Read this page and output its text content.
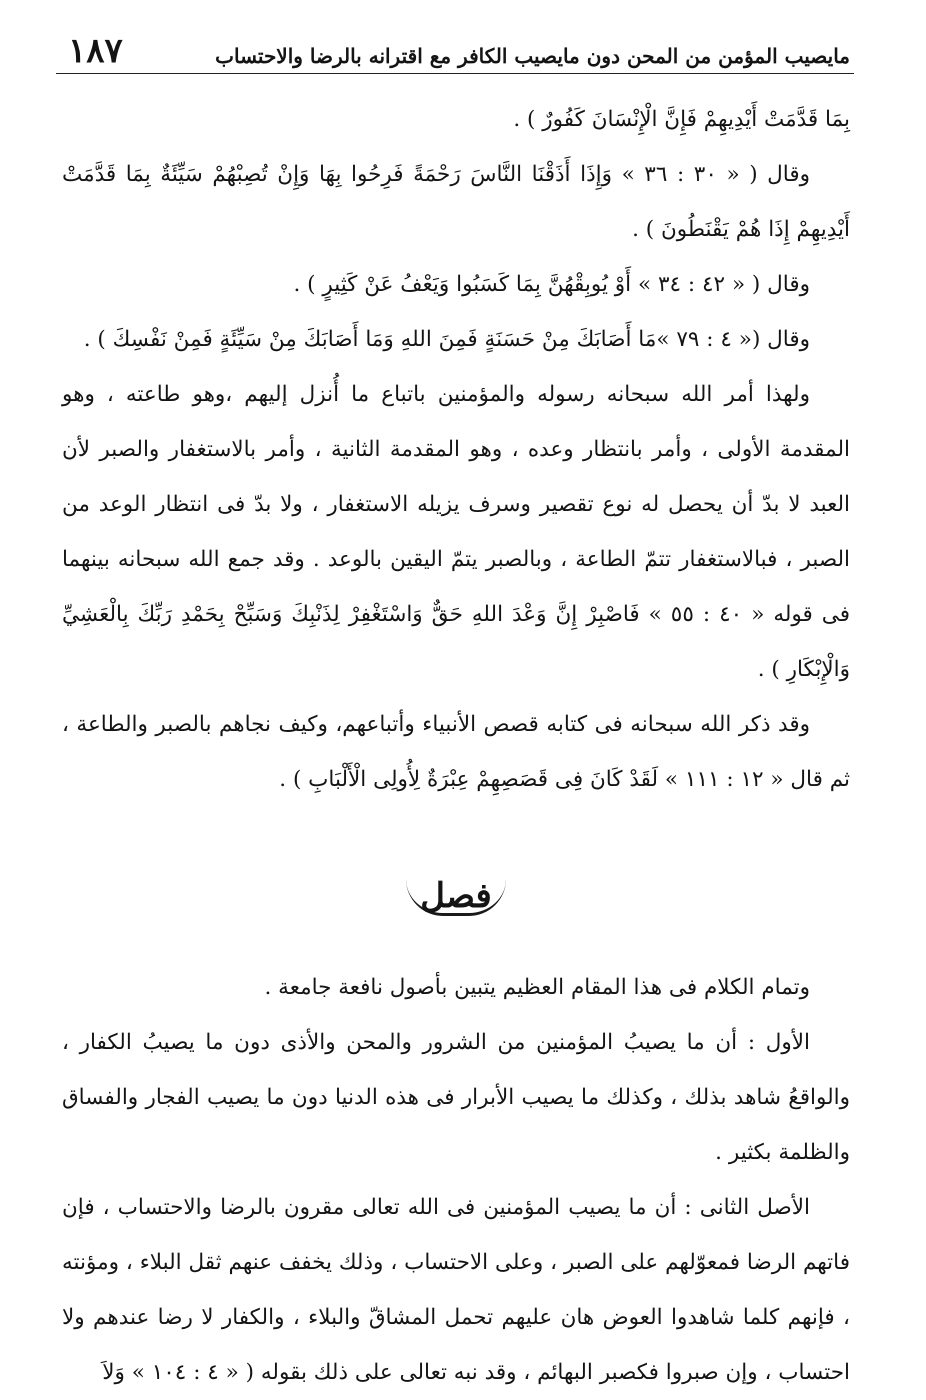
مايصيب المؤمن من المحن دون مايصيب الكافر مع اقترانه بالرضا والاحتساب
١٨٧

بِمَا قَدَّمَتْ أَيْدِيهِمْ فَإِنَّ الْإِنْسَانَ كَفُورٌ ) .

وقال ( « ٣٠ : ٣٦ » وَإِذَا أَذَقْنَا النَّاسَ رَحْمَةً فَرِحُوا بِهَا وَإِنْ تُصِبْهُمْ سَيِّئَةٌ بِمَا قَدَّمَتْ أَيْدِيهِمْ إِذَا هُمْ يَقْنَطُونَ ) .

وقال ( « ٤٢ : ٣٤ » أَوْ يُوبِقْهُنَّ بِمَا كَسَبُوا وَيَعْفُ عَنْ كَثِيرٍ ) .

وقال (« ٤ : ٧٩ »مَا أَصَابَكَ مِنْ حَسَنَةٍ فَمِنَ اللهِ وَمَا أَصَابَكَ مِنْ سَيِّئَةٍ فَمِنْ نَفْسِكَ ) .

ولهذا أمر الله سبحانه رسوله والمؤمنين باتباع ما أُنزل إليهم ،وهو طاعته ، وهو المقدمة الأولى ، وأمر بانتظار وعده ، وهو المقدمة الثانية ، وأمر بالاستغفار والصبر لأن العبد لا بدّ أن يحصل له نوع تقصير وسرف يزيله الاستغفار ، ولا بدّ فى انتظار الوعد من الصبر ، فبالاستغفار تتمّ الطاعة ، وبالصبر يتمّ اليقين بالوعد . وقد جمع الله سبحانه بينهما فى قوله « ٤٠ : ٥٥ » فَاصْبِرْ إِنَّ وَعْدَ اللهِ حَقٌّ وَاسْتَغْفِرْ لِذَنْبِكَ وَسَبِّحْ بِحَمْدِ رَبِّكَ بِالْعَشِيِّ وَالْإِبْكَارِ ) .

وقد ذكر الله سبحانه فى كتابه قصص الأنبياء وأتباعهم، وكيف نجاهم بالصبر والطاعة ، ثم قال « ١٢ : ١١١ » لَقَدْ كَانَ فِى قَصَصِهِمْ عِبْرَةٌ لِأُولِى الْأَلْبَابِ ) .

فصل

وتمام الكلام فى هذا المقام العظيم يتبين بأصول نافعة جامعة .

الأول : أن ما يصيبُ المؤمنين من الشرور والمحن والأذى دون ما يصيبُ الكفار ، والواقعُ شاهد بذلك ، وكذلك ما يصيب الأبرار فى هذه الدنيا دون ما يصيب الفجار والفساق والظلمة بكثير .

الأصل الثانى : أن ما يصيب المؤمنين فى الله تعالى مقرون بالرضا والاحتساب ، فإن فاتهم الرضا فمعوّلهم على الصبر ، وعلى الاحتساب ، وذلك يخفف عنهم ثقل البلاء ، ومؤنته ، فإنهم كلما شاهدوا العوض هان عليهم تحمل المشاقّ والبلاء ، والكفار لا رضا عندهم ولا احتساب ، وإن صبروا فكصبر البهائم ، وقد نبه تعالى على ذلك بقوله ( « ٤ : ١٠٤ » وَلاَ
